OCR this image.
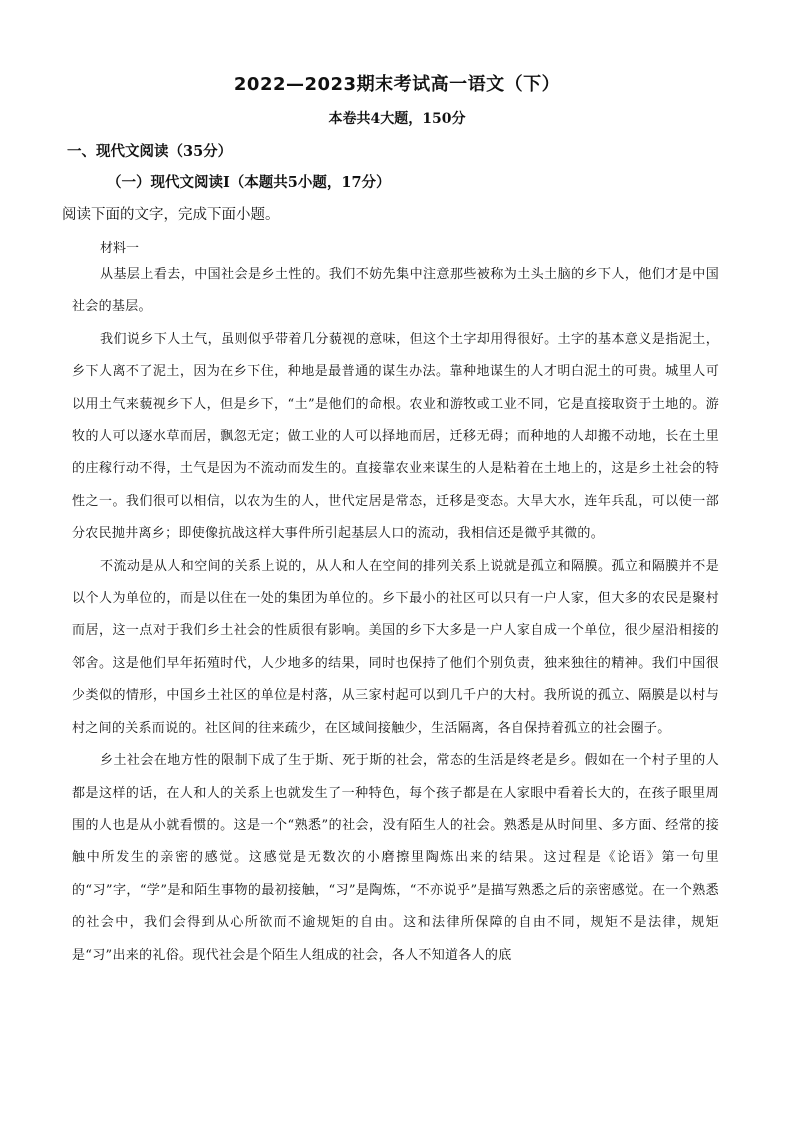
2022—2023期末考试高一语文（下）
本卷共4大题，150分
一、现代文阅读（35分）
（一）现代文阅读Ⅰ（本题共5小题，17分）
阅读下面的文字，完成下面小题。
材料一

从基层上看去，中国社会是乡土性的。我们不妨先集中注意那些被称为土头土脑的乡下人，他们才是中国社会的基层。

我们说乡下人土气，虽则似乎带着几分藐视的意味，但这个土字却用得很好。土字的基本意义是指泥土，乡下人离不了泥土，因为在乡下住，种地是最普通的谋生办法。靠种地谋生的人才明白泥土的可贵。城里人可以用土气来藐视乡下人，但是乡下，“土”是他们的命根。农业和游牧或工业不同，它是直接取资于土地的。游牧的人可以逐水草而居，飘忽无定；做工业的人可以择地而居，迁移无碍；而种地的人却搬不动地，长在土里的庄稼行动不得，土气是因为不流动而发生的。直接靠农业来谋生的人是粘着在土地上的，这是乡土社会的特性之一。我们很可以相信，以农为生的人，世代定居是常态，迁移是变态。大旱大水，连年兵乱，可以使一部分农民抛井离乡；即使像抗战这样大事件所引起基层人口的流动，我相信还是微乎其微的。

不流动是从人和空间的关系上说的，从人和人在空间的排列关系上说就是孤立和隔膜。孤立和隔膜并不是以个人为单位的，而是以住在一处的集团为单位的。乡下最小的社区可以只有一户人家，但大多的农民是聚村而居，这一点对于我们乡土社会的性质很有影响。美国的乡下大多是一户人家自成一个单位，很少屋沿相接的邻舍。这是他们早年拓殖时代，人少地多的结果，同时也保持了他们个别负责，独来独往的精神。我们中国很少类似的情形，中国乡土社区的单位是村落，从三家村起可以到几千户的大村。我所说的孤立、隔膜是以村与村之间的关系而说的。社区间的往来疏少，在区域间接触少，生活隔离，各自保持着孤立的社会圈子。

乡土社会在地方性的限制下成了生于斯、死于斯的社会，常态的生活是终老是乡。假如在一个村子里的人都是这样的话，在人和人的关系上也就发生了一种特色，每个孩子都是在人家眼中看着长大的，在孩子眼里周围的人也是从小就看惯的。这是一个“熟悉”的社会，没有陌生人的社会。熟悉是从时间里、多方面、经常的接触中所发生的亲密的感觉。这感觉是无数次的小磨擦里陶炼出来的结果。这过程是《论语》第一句里的“习”字，“学”是和陌生事物的最初接触，“习”是陶炼，“不亦说乎”是描写熟悉之后的亲密感觉。在一个熟悉的社会中，我们会得到从心所欲而不逾规矩的自由。这和法律所保障的自由不同，规矩不是法律，规矩是“习”出来的礼俗。现代社会是个陌生人组成的社会，各人不知道各人的底
